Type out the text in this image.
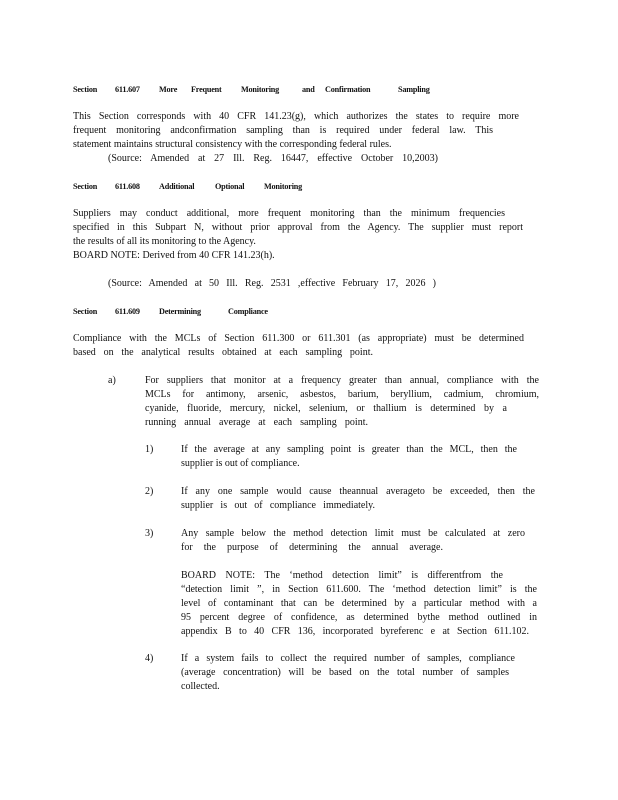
Section 611.607 More Frequent Monitoring	and Confirmation	Sampling
This Section corresponds with 40 CFR 141.23(g), which authorizes the states to require more
frequent monitoring andconfirmation sampling than is required under federal law. This
statement maintains structural consistency with the corresponding federal rules.
(Source: Amended at 27 Ill. Reg. 16447, effective October 10,2003)
Section 611.608 Additional	Optional Monitoring
Suppliers may conduct additional, more frequent monitoring than the minimum frequencies
specified in this Subpart N, without prior approval from the Agency. The supplier must report
the results of all its monitoring to the Agency.
BOARD NOTE: Derived from 40 CFR 141.23(h).
(Source: Amended at 50 Ill. Reg. 2531 ,effective February 17, 2026 )
Section 611.609 Determining	Compliance
Compliance with the MCLs of Section 611.300 or 611.301 (as appropriate) must be determined
based on the analytical results obtained at each sampling point.
a)	For suppliers that monitor at a frequency greater than annual, compliance with the
MCLs for antimony, arsenic, asbestos, barium, beryllium, cadmium, chromium,
cyanide, fluoride, mercury, nickel, selenium, or thallium is determined by a
running annual average at each sampling point.
1)	If the average at any sampling point is greater than the MCL, then the
supplier is out of compliance.
2)	If any one sample would cause theannual averageto be exceeded, then the
supplier is out of compliance immediately.
3)	Any sample below the method detection limit must be calculated at zero
for the purpose of determining the annual average.
BOARD NOTE: The ‘method detection limit” is differentfrom the
“detection limit ”, in Section 611.600. The ‘method detection limit” is the
level of contaminant that can be determined by a particular method with a
95 percent degree of confidence, as determined bythe method outlined in
appendix B to 40 CFR 136, incorporated byreferenc e at Section 611.102.
4)	If a system fails to collect the required number of samples, compliance
(average concentration) will be based on the total number of samples
collected.
